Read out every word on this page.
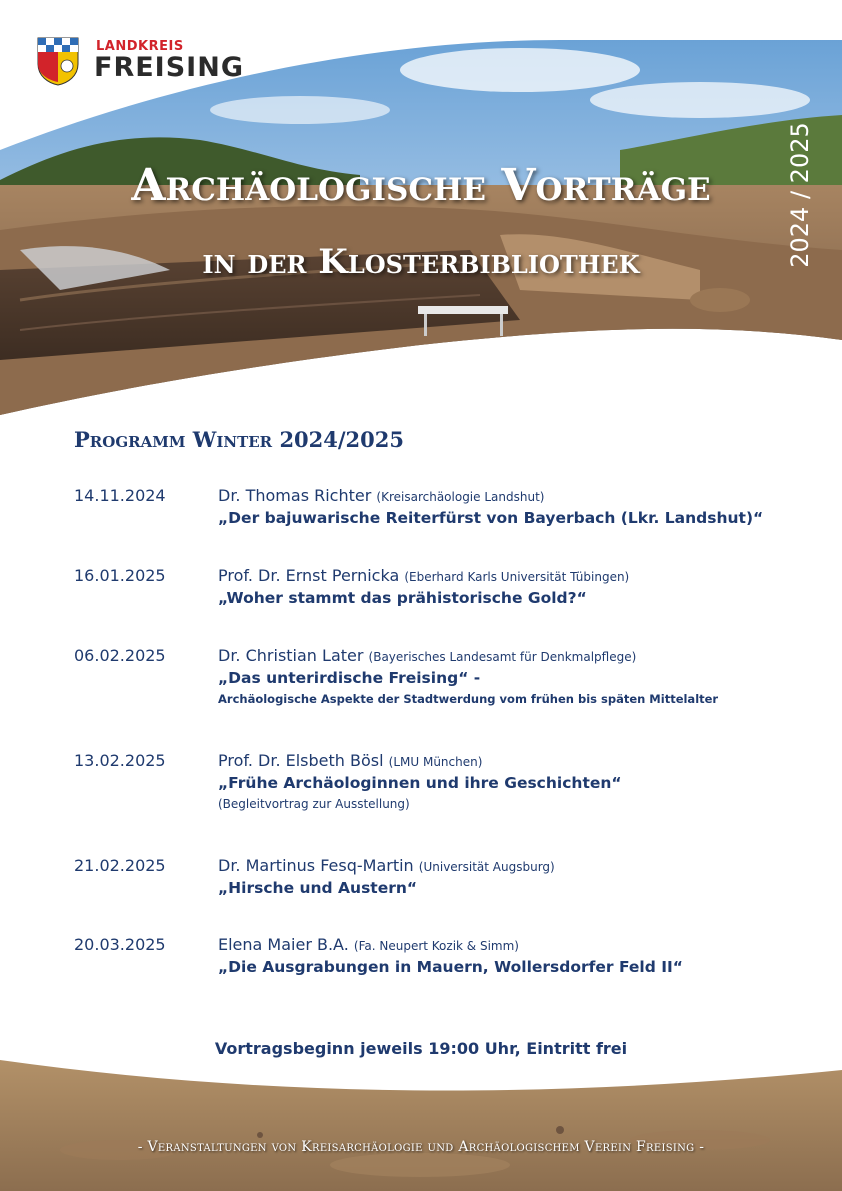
LANDKREIS
FREISING
Archäologische Vorträge
in der Klosterbibliothek	2024 / 2025
Programm Winter 2024/2025
14.11.2024	Dr. Thomas Richter (Kreisarchäologie Landshut)
„Der bajuwarische Reiterfürst von Bayerbach (Lkr. Landshut)“
16.01.2025	Prof. Dr. Ernst Pernicka (Eberhard Karls Universität Tübingen)
„Woher stammt das prähistorische Gold?“
06.02.2025	Dr. Christian Later (Bayerisches Landesamt für Denkmalpflege)
„Das unterirdische Freising“ -
Archäologische Aspekte der Stadtwerdung vom frühen bis späten Mittelalter
13.02.2025	Prof. Dr. Elsbeth Bösl (LMU München)
„Frühe Archäologinnen und ihre Geschichten“
(Begleitvortrag zur Ausstellung)
21.02.2025	Dr. Martinus Fesq-Martin (Universität Augsburg)
„Hirsche und Austern“
20.03.2025	Elena Maier B.A. (Fa. Neupert Kozik & Simm)
„Die Ausgrabungen in Mauern, Wollersdorfer Feld II“
Vortragsbeginn jeweils 19:00 Uhr, Eintritt frei
- Veranstaltungen von Kreisarchäologie und Archäologischem Verein Freising -
